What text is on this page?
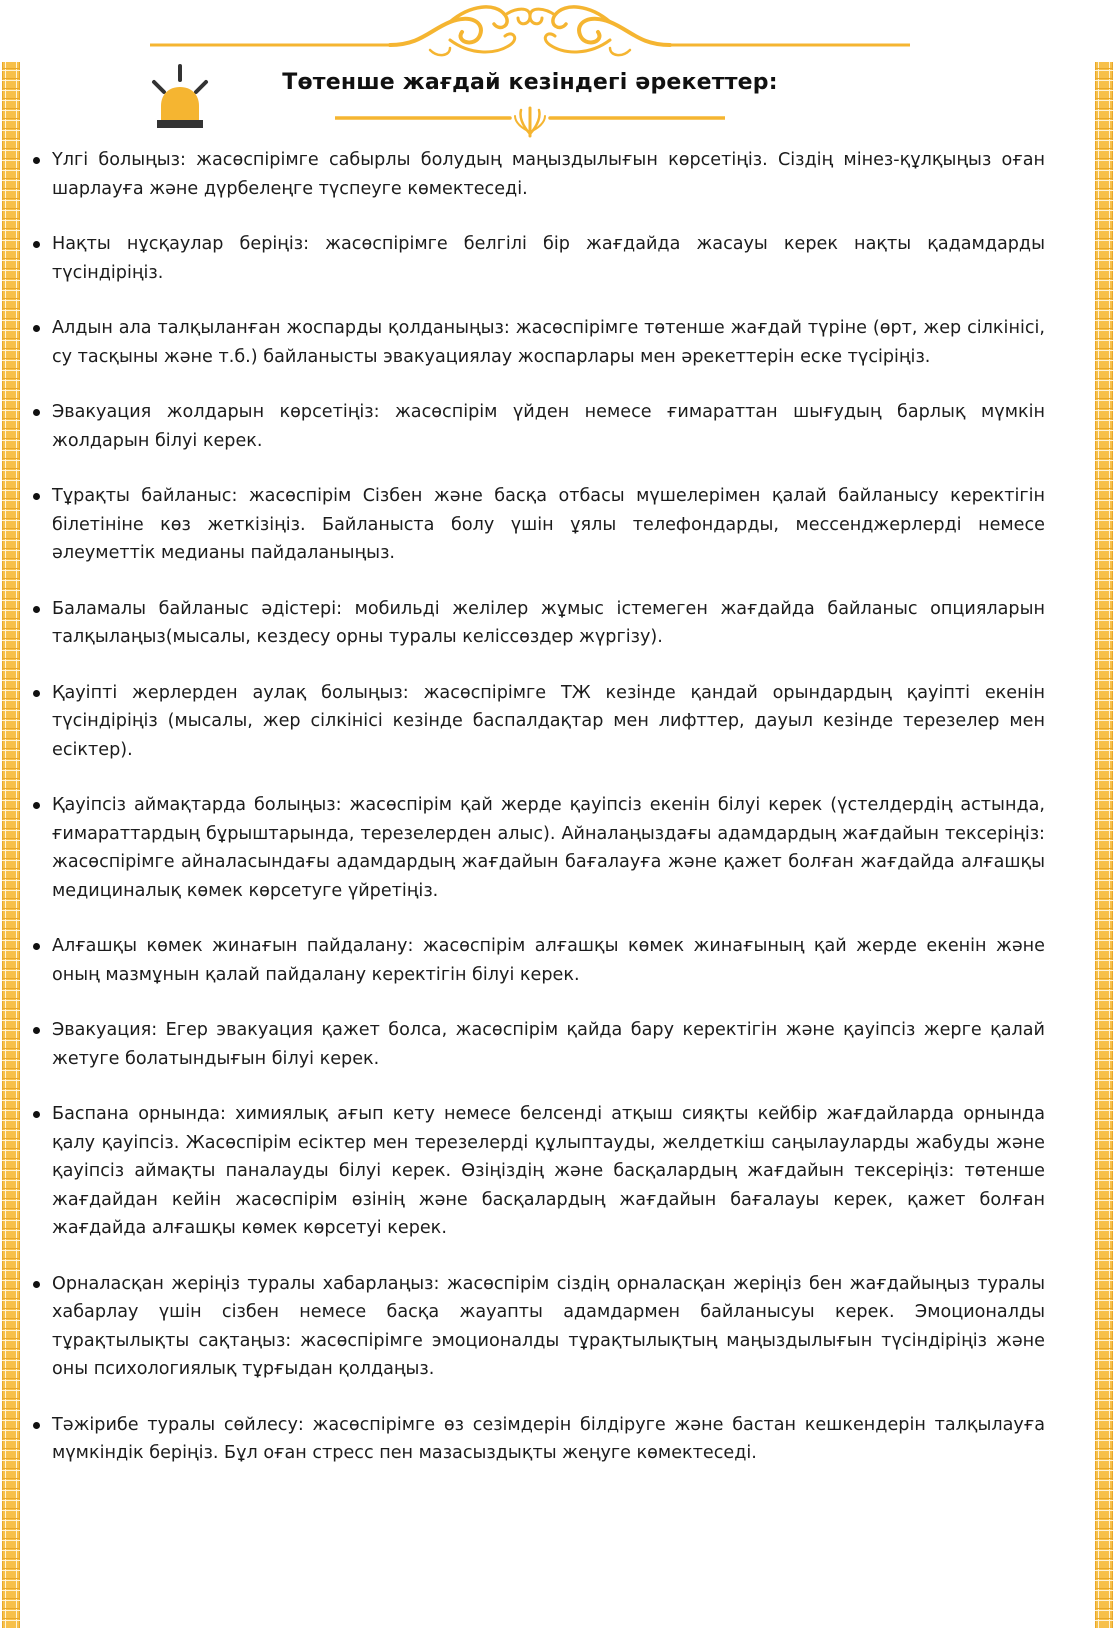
Төтенше жағдай кезіндегі әрекеттер:
Үлгі болыңыз: жасөспірімге сабырлы болудың маңыздылығын көрсетіңіз. Сіздің мінез-құлқыңыз оған шарлауға және дүрбелеңге түспеуге көмектеседі.
Нақты нұсқаулар беріңіз: жасөспірімге белгілі бір жағдайда жасауы керек нақты қадамдарды түсіндіріңіз.
Алдын ала талқыланған жоспарды қолданыңыз: жасөспірімге төтенше жағдай түріне (өрт, жер сілкінісі, су тасқыны және т.б.) байланысты эвакуациялау жоспарлары мен әрекеттерін еске түсіріңіз.
Эвакуация жолдарын көрсетіңіз: жасөспірім үйден немесе ғимараттан шығудың барлық мүмкін жолдарын білуі керек.
Тұрақты байланыс: жасөспірім Сізбен және басқа отбасы мүшелерімен қалай байланысу керектігін білетініне көз жеткізіңіз. Байланыста болу үшін ұялы телефондарды, мессенджерлерді немесе әлеуметтік медианы пайдаланыңыз.
Баламалы байланыс әдістері: мобильді желілер жұмыс істемеген жағдайда байланыс опцияларын талқылаңыз(мысалы, кездесу орны туралы келіссөздер жүргізу).
Қауіпті жерлерден аулақ болыңыз: жасөспірімге ТЖ кезінде қандай орындардың қауіпті екенін түсіндіріңіз (мысалы, жер сілкінісі кезінде баспалдақтар мен лифттер, дауыл кезінде терезелер мен есіктер).
Қауіпсіз аймақтарда болыңыз: жасөспірім қай жерде қауіпсіз екенін білуі керек (үстелдердің астында, ғимараттардың бұрыштарында, терезелерден алыс). Айналаңыздағы адамдардың жағдайын тексеріңіз: жасөспірімге айналасындағы адамдардың жағдайын бағалауға және қажет болған жағдайда алғашқы медициналық көмек көрсетуге үйретіңіз.
Алғашқы көмек жинағын пайдалану: жасөспірім алғашқы көмек жинағының қай жерде екенін және оның мазмұнын қалай пайдалану керектігін білуі керек.
Эвакуация: Егер эвакуация қажет болса, жасөспірім қайда бару керектігін және қауіпсіз жерге қалай жетуге болатындығын білуі керек.
Баспана орнында: химиялық ағып кету немесе белсенді атқыш сияқты кейбір жағдайларда орнында қалу қауіпсіз. Жасөспірім есіктер мен терезелерді құлыптауды, желдеткіш саңылауларды жабуды және қауіпсіз аймақты паналауды білуі керек. Өзіңіздің және басқалардың жағдайын тексеріңіз: төтенше жағдайдан кейін жасөспірім өзінің және басқалардың жағдайын бағалауы керек, қажет болған жағдайда алғашқы көмек көрсетуі керек.
Орналасқан жеріңіз туралы хабарлаңыз: жасөспірім сіздің орналасқан жеріңіз бен жағдайыңыз туралы хабарлау үшін сізбен немесе басқа жауапты адамдармен байланысуы керек. Эмоционалды тұрақтылықты сақтаңыз: жасөспірімге эмоционалды тұрақтылықтың маңыздылығын түсіндіріңіз және оны психологиялық тұрғыдан қолдаңыз.
Тәжірибе туралы сөйлесу: жасөспірімге өз сезімдерін білдіруге және бастан кешкендерін талқылауға мүмкіндік беріңіз. Бұл оған стресс пен мазасыздықты жеңуге көмектеседі.
